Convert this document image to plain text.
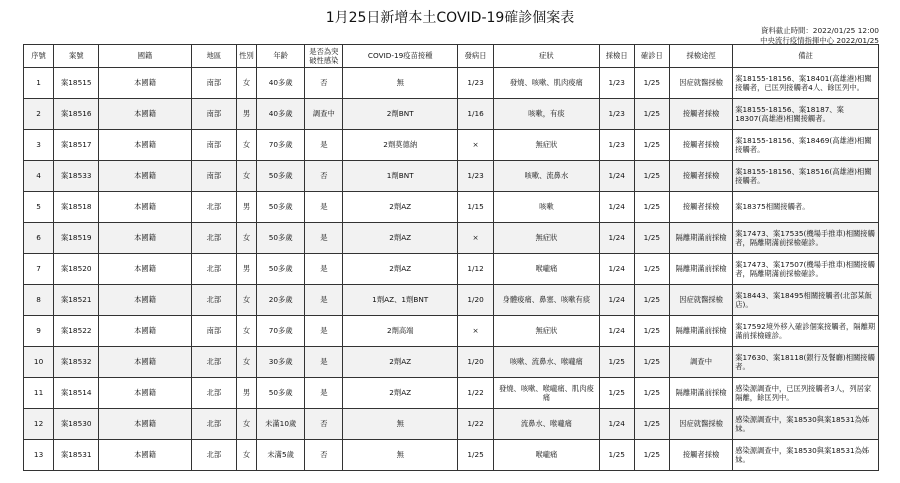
1月25日新增本土COVID-19確診個案表
資料截止時間：2022/01/25 12:00
中央流行疫情指揮中心 2022/01/25
序號	案號	國籍	地區	性別	年齡	是否為突破性感染	COVID-19疫苗接種	發病日	症狀	採檢日	確診日	採檢途徑	備註
1	案18515	本國籍	南部	女	40多歲	否	無	1/23	發燒、咳嗽、肌肉痠痛	1/23	1/25	因症就醫採檢	案18155-18156、案18401(高雄港)相關接觸者，已匡列接觸者4人、餘匡列中。
2	案18516	本國籍	南部	男	40多歲	調查中	2劑BNT	1/16	咳嗽，有痰	1/23	1/25	接觸者採檢	案18155-18156、案18187、案18307(高雄港)相關接觸者。
3	案18517	本國籍	南部	女	70多歲	是	2劑莫德納	×	無症狀	1/23	1/25	接觸者採檢	案18155-18156、案18469(高雄港)相關接觸者。
4	案18533	本國籍	南部	女	50多歲	否	1劑BNT	1/23	咳嗽、流鼻水	1/24	1/25	接觸者採檢	案18155-18156、案18516(高雄港)相關接觸者。
5	案18518	本國籍	北部	男	50多歲	是	2劑AZ	1/15	咳嗽	1/24	1/25	接觸者採檢	案18375相關接觸者。
6	案18519	本國籍	北部	女	50多歲	是	2劑AZ	×	無症狀	1/24	1/25	隔離期滿前採檢	案17473、案17535(機場手推車)相關接觸者，隔離期滿前採檢確診。
7	案18520	本國籍	北部	男	50多歲	是	2劑AZ	1/12	喉嚨痛	1/24	1/25	隔離期滿前採檢	案17473、案17507(機場手推車)相關接觸者，隔離期滿前採檢確診。
8	案18521	本國籍	北部	女	20多歲	是	1劑AZ、1劑BNT	1/20	身體痠痛、鼻塞、咳嗽有痰	1/24	1/25	因症就醫採檢	案18443、案18495相關接觸者(北部某飯店)。
9	案18522	本國籍	南部	女	70多歲	是	2劑高端	×	無症狀	1/24	1/25	隔離期滿前採檢	案17592境外移入確診個案接觸者，隔離期滿前採檢確診。
10	案18532	本國籍	北部	女	30多歲	是	2劑AZ	1/20	咳嗽、流鼻水、喉嚨痛	1/25	1/25	調查中	案17630、案18118(銀行及餐廳)相關接觸者。
11	案18514	本國籍	北部	男	50多歲	是	2劑AZ	1/22	發燒、咳嗽、喉嚨痛、肌肉痠痛	1/25	1/25	隔離期滿前採檢	感染源調查中，已匡列接觸者3人，列居家隔離，餘匡列中。
12	案18530	本國籍	北部	女	未滿10歲	否	無	1/22	流鼻水、喉嚨痛	1/24	1/25	因症就醫採檢	感染源調查中，案18530與案18531為姊妹。
13	案18531	本國籍	北部	女	未滿5歲	否	無	1/25	喉嚨痛	1/25	1/25	接觸者採檢	感染源調查中，案18530與案18531為姊妹。
